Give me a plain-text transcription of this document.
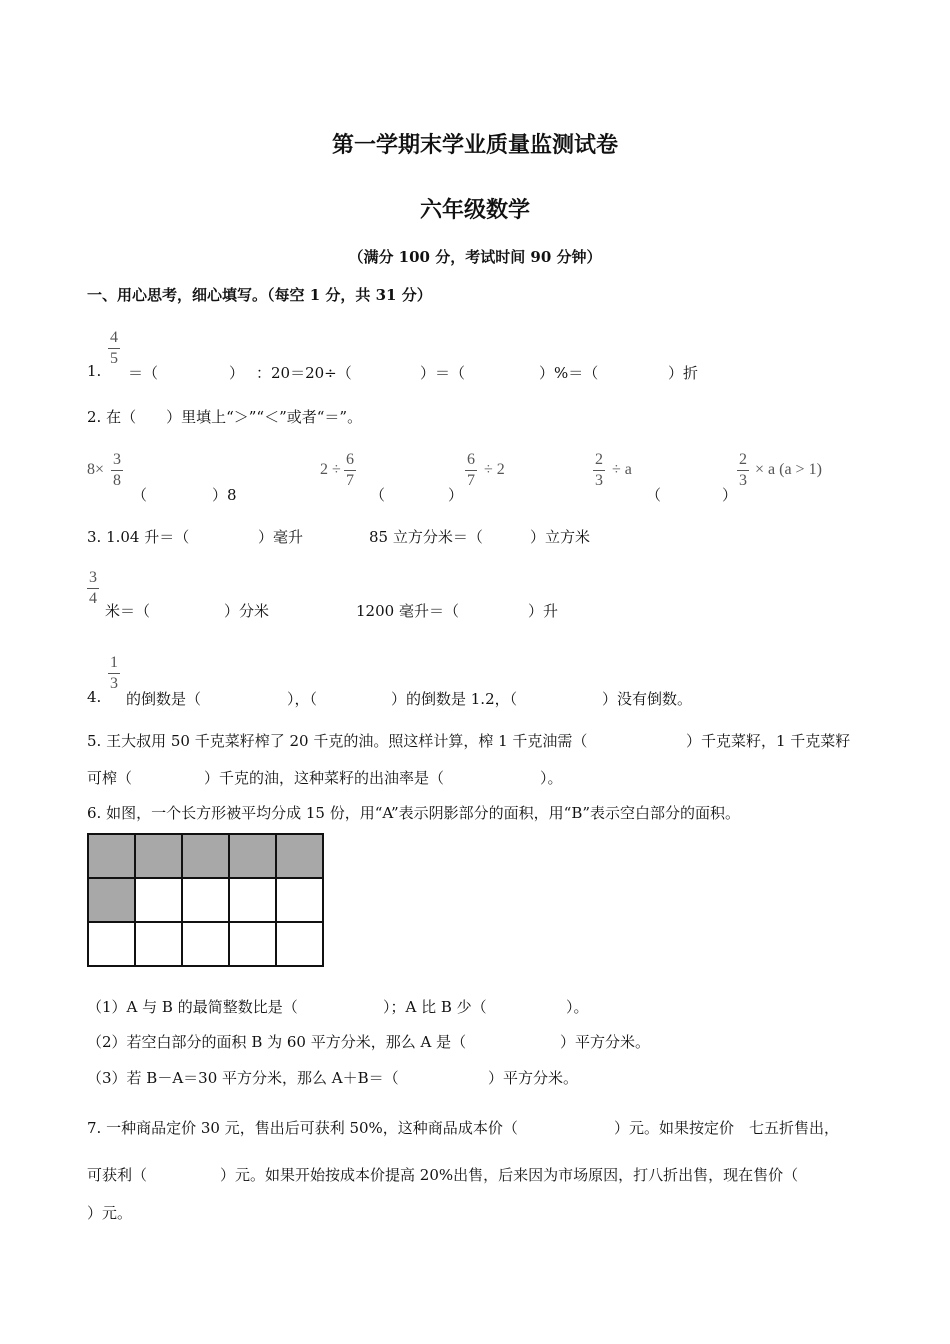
第一学期末学业质量监测试卷
六年级数学
（满分 100 分，考试时间 90 分钟）
一、用心思考，细心填写。（每空 1 分，共 31 分）
1.
4
5
＝（	） ：20＝20÷（	）＝（	）%＝（	）折
2. 在（　　）里填上“＞”“＜”或者“＝”。
8×
3
8
（	）8
2 ÷
6
7
（	）
6
7
÷ 2
2
3
÷ a
（	）
2
3
× a (a > 1)
3. 1.04 升＝（	）毫升	85 立方分米＝（	）立方米
3
4
米＝（	）分米	1200 毫升＝（	）升
4.
1
3
的倒数是（	），（	）的倒数是 1.2，（	）没有倒数。
5. 王大叔用 50 千克菜籽榨了 20 千克的油。照这样计算，榨 1 千克油需（	）千克菜籽，1 千克菜籽
可榨（	）千克的油，这种菜籽的出油率是（	）。
6. 如图，一个长方形被平均分成 15 份，用“A”表示阴影部分的面积，用“B”表示空白部分的面积。

（1）A 与 B 的最简整数比是（	）；A 比 B 少（	）。
（2）若空白部分的面积 B 为 60 平方分米，那么 A 是（	）平方分米。
（3）若 B－A＝30 平方分米，那么 A＋B＝（	）平方分米。
7. 一种商品定价 30 元，售出后可获利 50%，这种商品成本价（	）元。如果按定价　七五折售出，
可获利（	）元。如果开始按成本价提高 20%出售，后来因为市场原因，打八折出售，现在售价（
）元。
